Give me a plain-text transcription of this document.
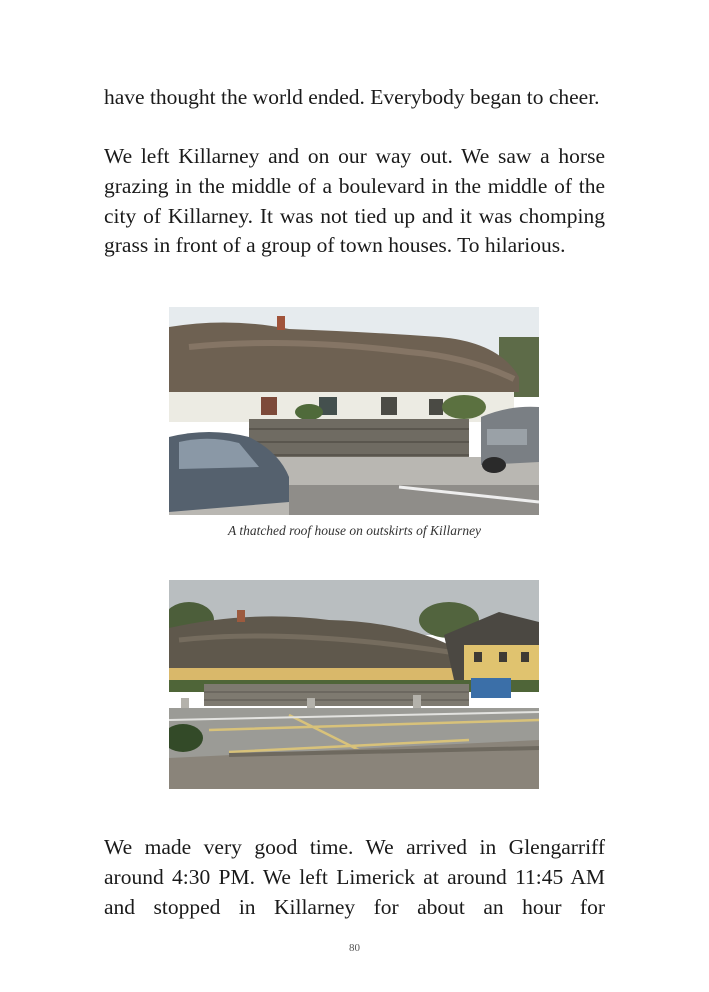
have thought the world ended. Everybody began to cheer.

We left Killarney and on our way out. We saw a horse grazing in the middle of a boulevard in the middle of the city of Killarney. It was not tied up and it was chomping grass in front of a group of town houses. To hilarious.

A thatched roof house on outskirts of Killarney

We made very good time. We arrived in Glengarriff around 4:30 PM. We left Limerick at around 11:45 AM and stopped in Killarney for about an hour for

80
